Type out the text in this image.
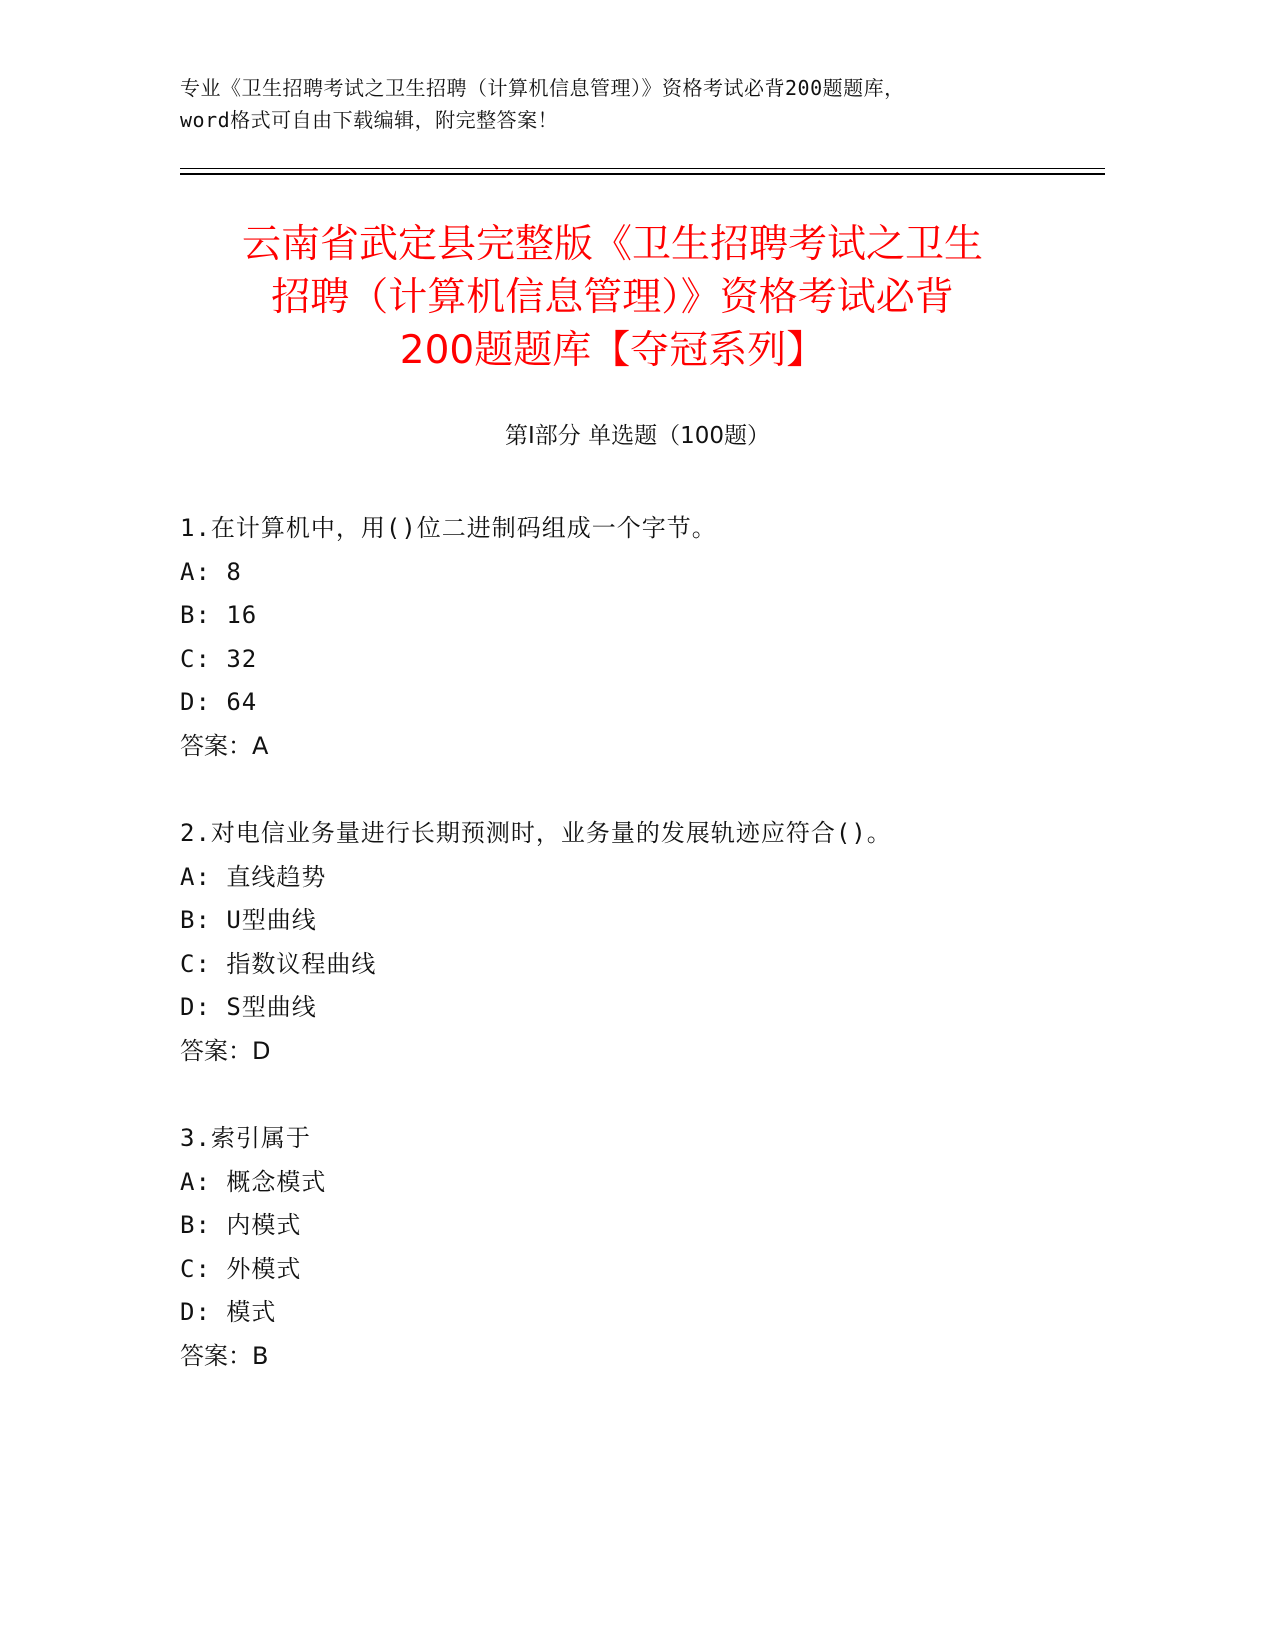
专业《卫生招聘考试之卫生招聘（计算机信息管理）》资格考试必背200题题库，
word格式可自由下载编辑，附完整答案！
云南省武定县完整版《卫生招聘考试之卫生
招聘（计算机信息管理）》资格考试必背
200题题库【夺冠系列】
第Ⅰ部分 单选题（100题）
1.在计算机中，用()位二进制码组成一个字节。
A: 8
B: 16
C: 32
D: 64
答案：A
2.对电信业务量进行长期预测时，业务量的发展轨迹应符合()。
A: 直线趋势
B: U型曲线
C: 指数议程曲线
D: S型曲线
答案：D
3.索引属于
A: 概念模式
B: 内模式
C: 外模式
D: 模式
答案：B
